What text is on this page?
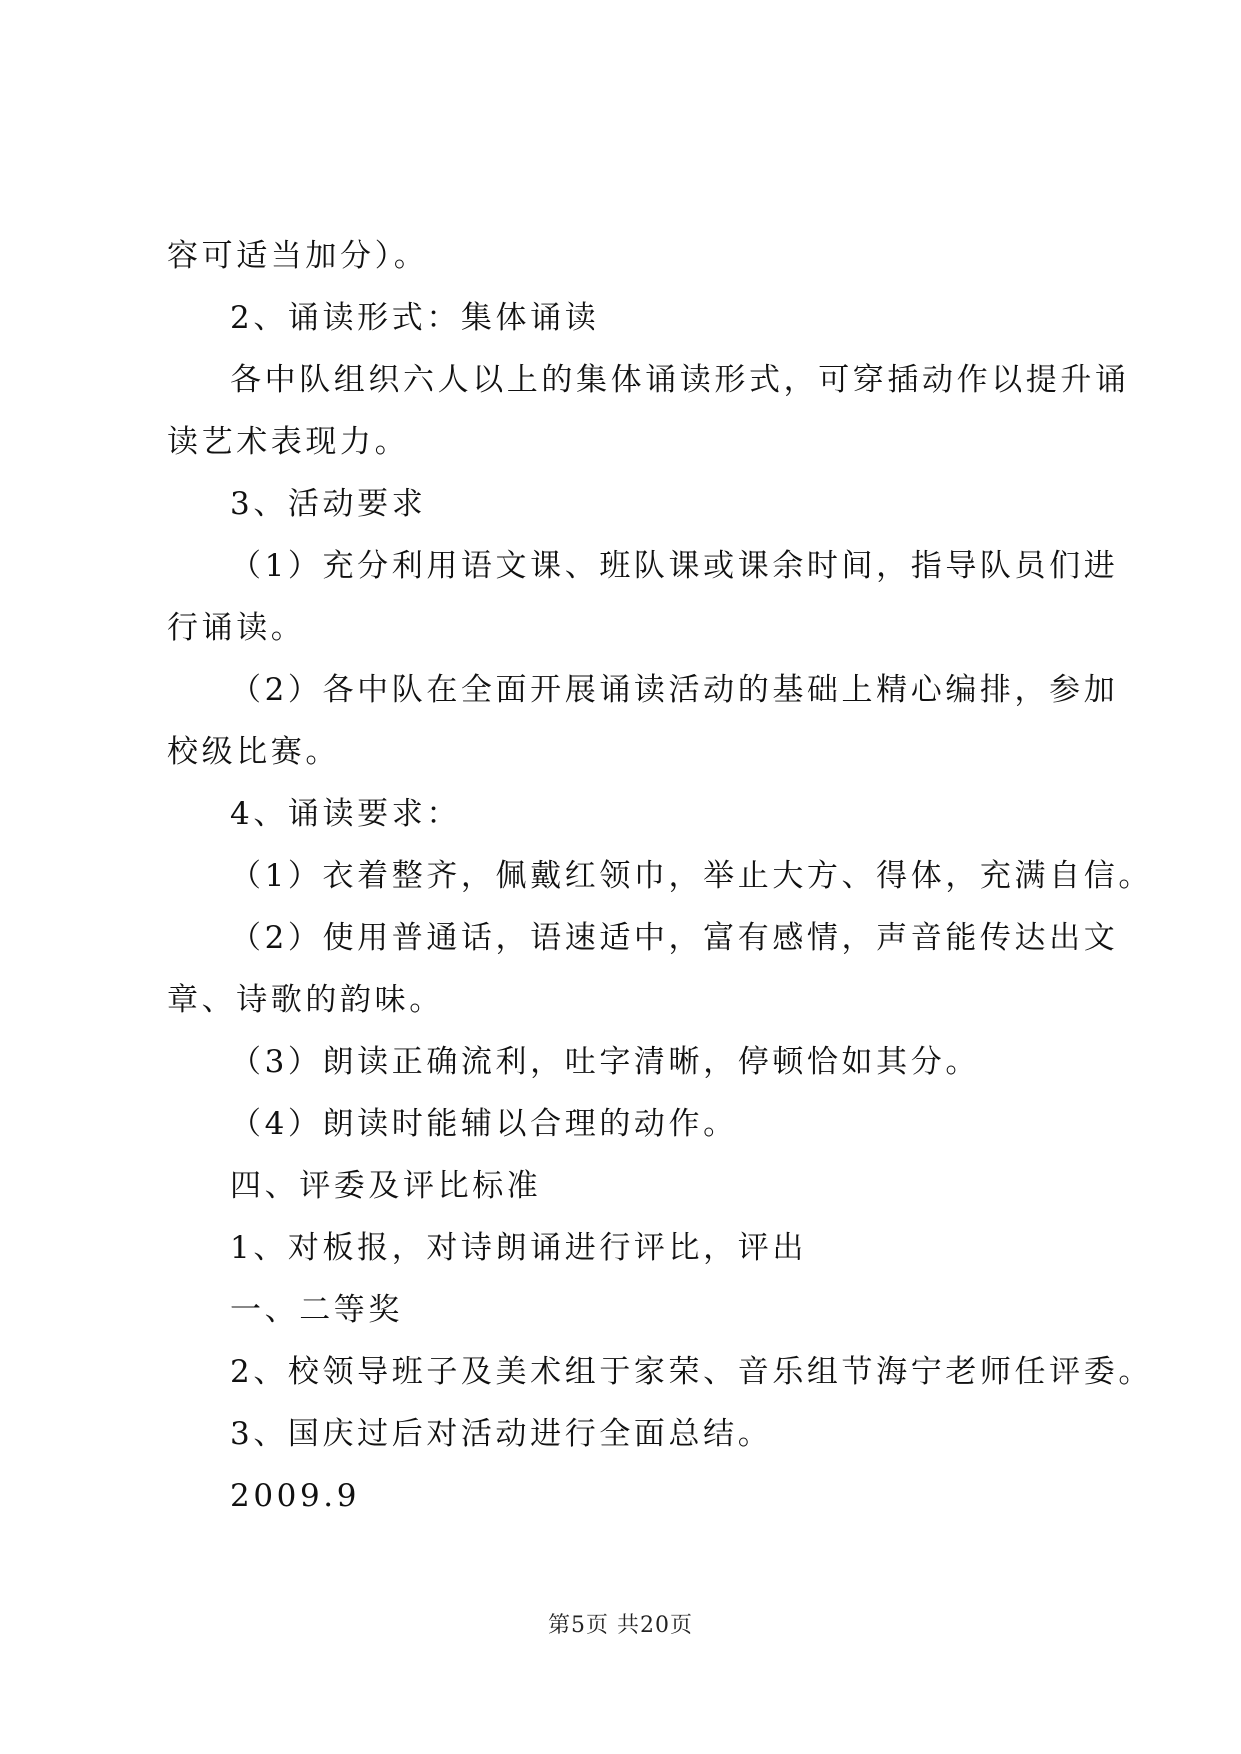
容可适当加分）。
2、诵读形式：集体诵读
各中队组织六人以上的集体诵读形式，可穿插动作以提升诵
读艺术表现力。
3、活动要求
（1）充分利用语文课、班队课或课余时间，指导队员们进
行诵读。
（2）各中队在全面开展诵读活动的基础上精心编排，参加
校级比赛。
4、诵读要求：
（1）衣着整齐，佩戴红领巾，举止大方、得体，充满自信。
（2）使用普通话，语速适中，富有感情，声音能传达出文
章、诗歌的韵味。
（3）朗读正确流利，吐字清晰，停顿恰如其分。
（4）朗读时能辅以合理的动作。
四、评委及评比标准
1、对板报，对诗朗诵进行评比，评出
一、二等奖
2、校领导班子及美术组于家荣、音乐组节海宁老师任评委。
3、国庆过后对活动进行全面总结。
2009.9
第5页 共20页
